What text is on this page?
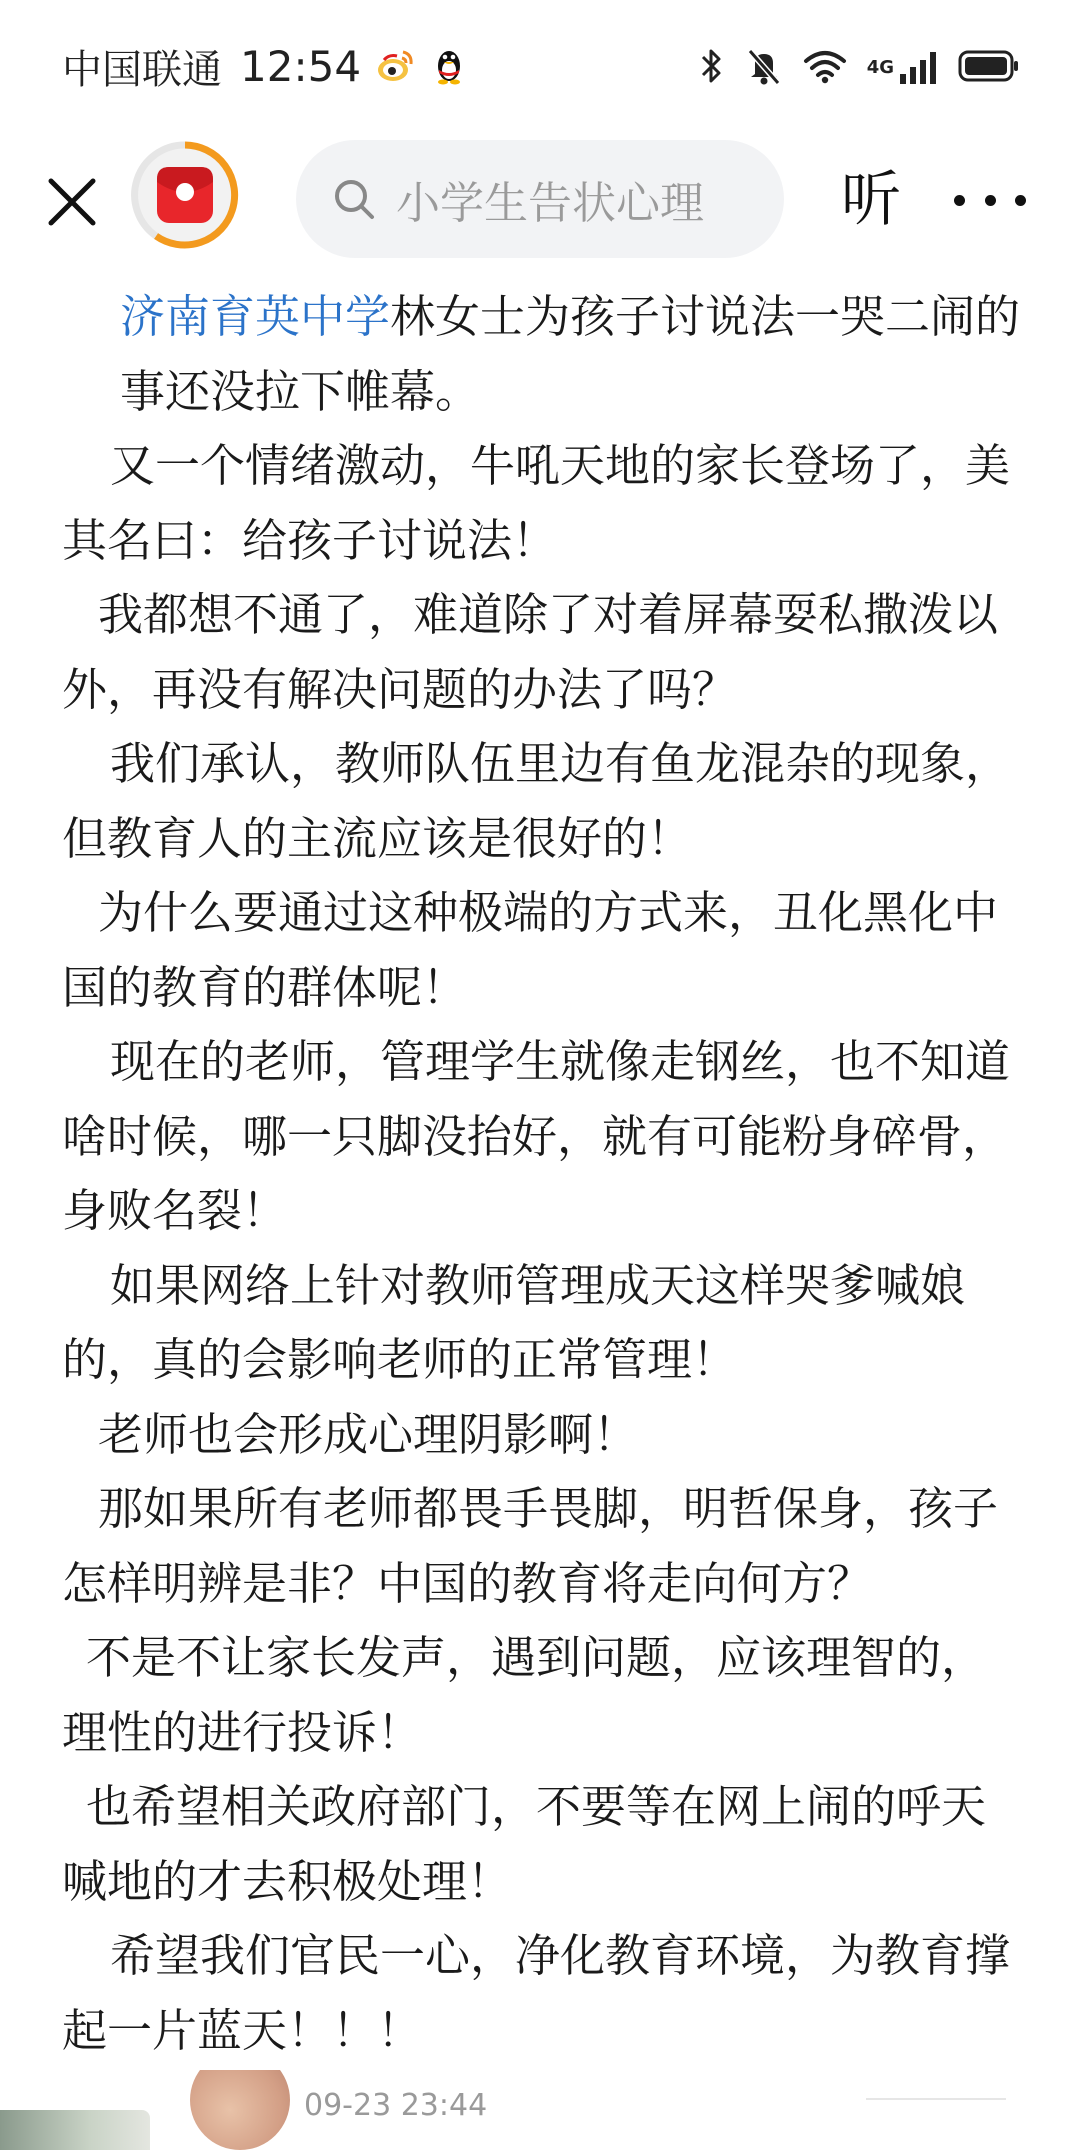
中国联通 12:54	4G
小学生告状心理 听

济南育英中学林女士为孩子讨说法一哭二闹的事还没拉下帷幕。

又一个情绪激动，牛吼天地的家长登场了，美其名曰：给孩子讨说法！

我都想不通了，难道除了对着屏幕耍私撒泼以外，再没有解决问题的办法了吗？

我们承认，教师队伍里边有鱼龙混杂的现象，但教育人的主流应该是很好的！

为什么要通过这种极端的方式来，丑化黑化中国的教育的群体呢！

现在的老师，管理学生就像走钢丝，也不知道啥时候，哪一只脚没抬好，就有可能粉身碎骨，身败名裂！

如果网络上针对教师管理成天这样哭爹喊娘的，真的会影响老师的正常管理！

老师也会形成心理阴影啊！

那如果所有老师都畏手畏脚，明哲保身，孩子怎样明辨是非？中国的教育将走向何方？

不是不让家长发声，遇到问题，应该理智的，理性的进行投诉！

也希望相关政府部门，不要等在网上闹的呼天喊地的才去积极处理！

希望我们官民一心，净化教育环境，为教育撑起一片蓝天！！！

09-23 23:44
